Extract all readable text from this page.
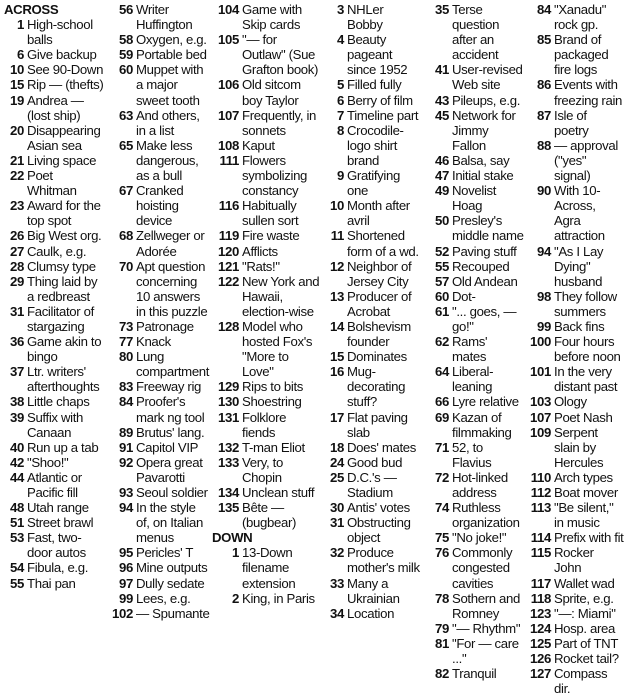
ACROSS
1 High-school balls
6 Give backup
10 See 90-Down
15 Rip — (thefts)
19 Andrea — (lost ship)
20 Disappearing Asian sea
21 Living space
22 Poet Whitman
23 Award for the top spot
26 Big West org.
27 Caulk, e.g.
28 Clumsy type
29 Thing laid by a redbreast
31 Facilitator of stargazing
36 Game akin to bingo
37 Ltr. writers' afterthoughts
38 Little chaps
39 Suffix with Canaan
40 Run up a tab
42 "Shoo!"
44 Atlantic or Pacific fill
48 Utah range
51 Street brawl
53 Fast, two-door autos
54 Fibula, e.g.
55 Thai pan
56 Writer Huffington
58 Oxygen, e.g.
59 Portable bed
60 Muppet with a major sweet tooth
63 And others, in a list
65 Make less dangerous, as a bull
67 Cranked hoisting device
68 Zellweger or Adorée
70 Apt question concerning 10 answers in this puzzle
73 Patronage
77 Knack
80 Lung compartment
83 Freeway rig
84 Proofer's mark ng tool
89 Brutus' lang.
91 Capitol VIP
92 Opera great Pavarotti
93 Seoul soldier
94 In the style of, on Italian menus
95 Pericles' T
96 Mine outputs
97 Dully sedate
99 Lees, e.g.
102 — Spumante
104 Game with Skip cards
105 "— for Outlaw" (Sue Grafton book)
106 Old sitcom boy Taylor
107 Frequently, in sonnets
108 Kaput
111 Flowers symbolizing constancy
116 Habitually sullen sort
119 Fire waste
120 Afflicts
121 "Rats!"
122 New York and Hawaii, election-wise
128 Model who hosted Fox's "More to Love"
129 Rips to bits
130 Shoestring
131 Folklore fiends
132 T-man Eliot
133 Very, to Chopin
134 Unclean stuff
135 Bête — (bugbear)
DOWN
1 13-Down filename extension
2 King, in Paris
3 NHLer Bobby
4 Beauty pageant since 1952
5 Filled fully
6 Berry of film
7 Timeline part
8 Crocodile-logo shirt brand
9 Gratifying one
10 Month after avril
11 Shortened form of a wd.
12 Neighbor of Jersey City
13 Producer of Acrobat
14 Bolshevism founder
15 Dominates
16 Mug-decorating stuff?
17 Flat paving slab
18 Does' mates
24 Good bud
25 D.C.'s — Stadium
30 Antis' votes
31 Obstructing object
32 Produce mother's milk
33 Many a Ukrainian
34 Location
35 Terse question after an accident
41 User-revised Web site
43 Pileups, e.g.
45 Network for Jimmy Fallon
46 Balsa, say
47 Initial stake
49 Novelist Hoag
50 Presley's middle name
52 Paving stuff
55 Recouped
57 Old Andean
60 Dot-
61 "... goes, — go!"
62 Rams' mates
64 Liberal-leaning
66 Lyre relative
69 Kazan of filmmaking
71 52, to Flavius
72 Hot-linked address
74 Ruthless organization
75 "No joke!"
76 Commonly congested cavities
78 Sothern and Romney
79 "— Rhythm"
81 "For — care ..."
82 Tranquil
84 "Xanadu" rock gp.
85 Brand of packaged fire logs
86 Events with freezing rain
87 Isle of poetry
88 — approval ("yes" signal)
90 With 10-Across, Agra attraction
94 "As I Lay Dying" husband
98 They follow summers
99 Back fins
100 Four hours before noon
101 In the very distant past
103 Ology
107 Poet Nash
109 Serpent slain by Hercules
110 Arch types
112 Boat mover
113 "Be silent," in music
114 Prefix with fit
115 Rocker John
117 Wallet wad
118 Sprite, e.g.
123 "—: Miami"
124 Hosp. area
125 Part of TNT
126 Rocket tail?
127 Compass dir.
